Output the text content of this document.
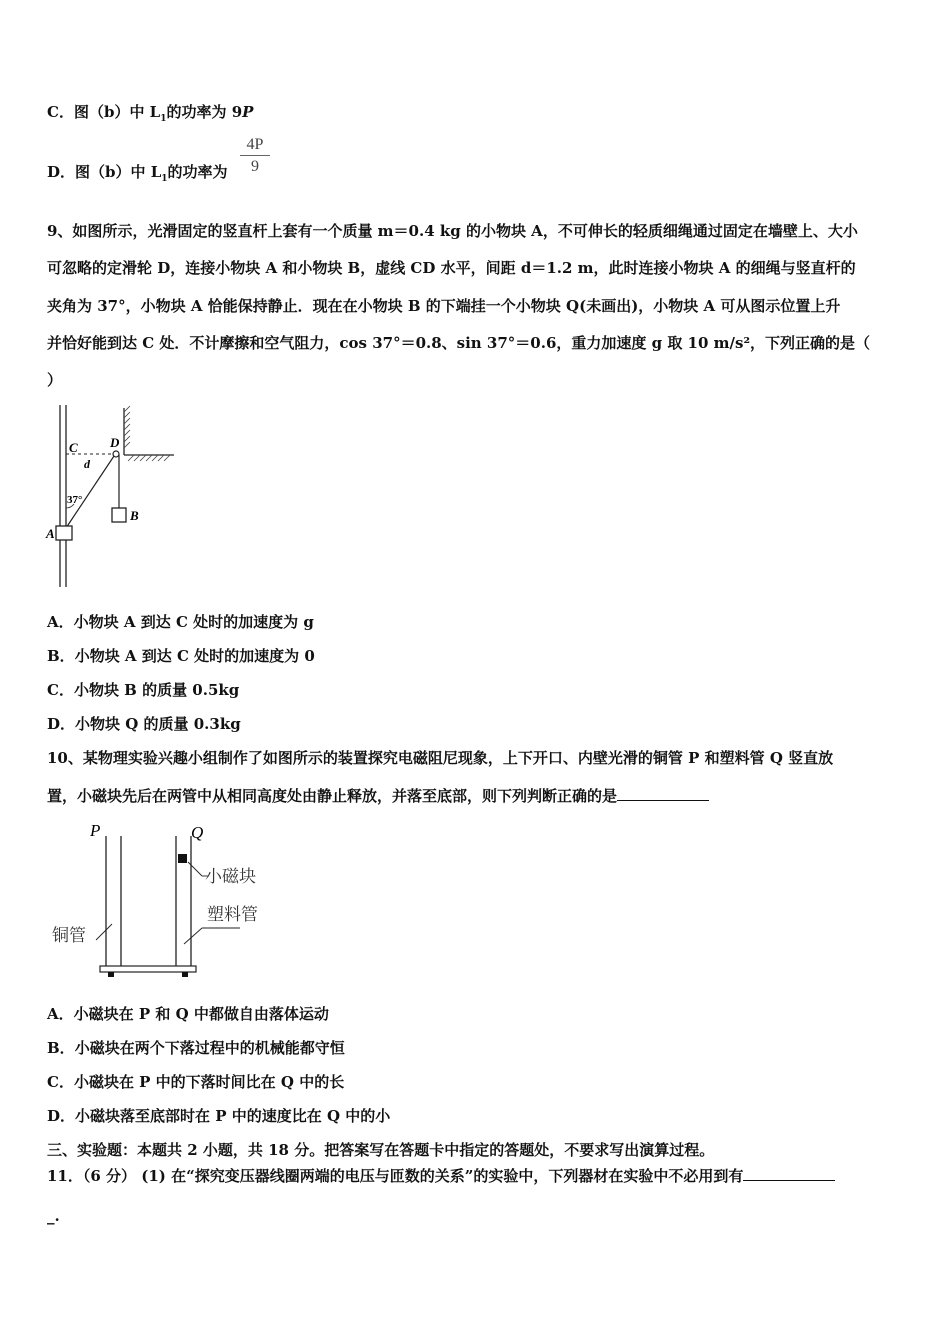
C．图（b）中 $L_1$的功率为 9P
D．图（b）中 $L_1$的功率为 $\frac{4P}{9}$
9、如图所示，光滑固定的竖直杆上套有一个质量 m＝0.4 kg 的小物块 A，不可伸长的轻质细绳通过固定在墙壁上、大小
可忽略的定滑轮 D，连接小物块 A 和小物块 B，虚线 CD 水平，间距 d＝1.2 m，此时连接小物块 A 的细绳与竖直杆的
夹角为 37°，小物块 A 恰能保持静止．现在在小物块 B 的下端挂一个小物块 Q(未画出)，小物块 A 可从图示位置上升
并恰好能到达 C 处．不计摩擦和空气阻力，cos 37°＝0.8、sin 37°＝0.6，重力加速度 g 取 10 m/s²，下列正确的是（
）
C D
d
37°
A
B
A．小物块 A 到达 C 处时的加速度为 g
B．小物块 A 到达 C 处时的加速度为 0
C．小物块 B 的质量 0.5kg
D．小物块 Q 的质量 0.3kg
10、某物理实验兴趣小组制作了如图所示的装置探究电磁阻尼现象，上下开口、内壁光滑的铜管 P 和塑料管 Q 竖直放
置，小磁块先后在两管中从相同高度处由静止释放，并落至底部，则下列判断正确的是
P	Q
小磁块
塑料管
铜管
A．小磁块在 P 和 Q 中都做自由落体运动
B．小磁块在两个下落过程中的机械能都守恒
C．小磁块在 P 中的下落时间比在 Q 中的长
D．小磁块落至底部时在 P 中的速度比在 Q 中的小
三、实验题：本题共 2 小题，共 18 分。把答案写在答题卡中指定的答题处，不要求写出演算过程。
11．（6 分） (1) 在“探究变压器线圈两端的电压与匝数的关系”的实验中，下列器材在实验中不必用到有
_.
